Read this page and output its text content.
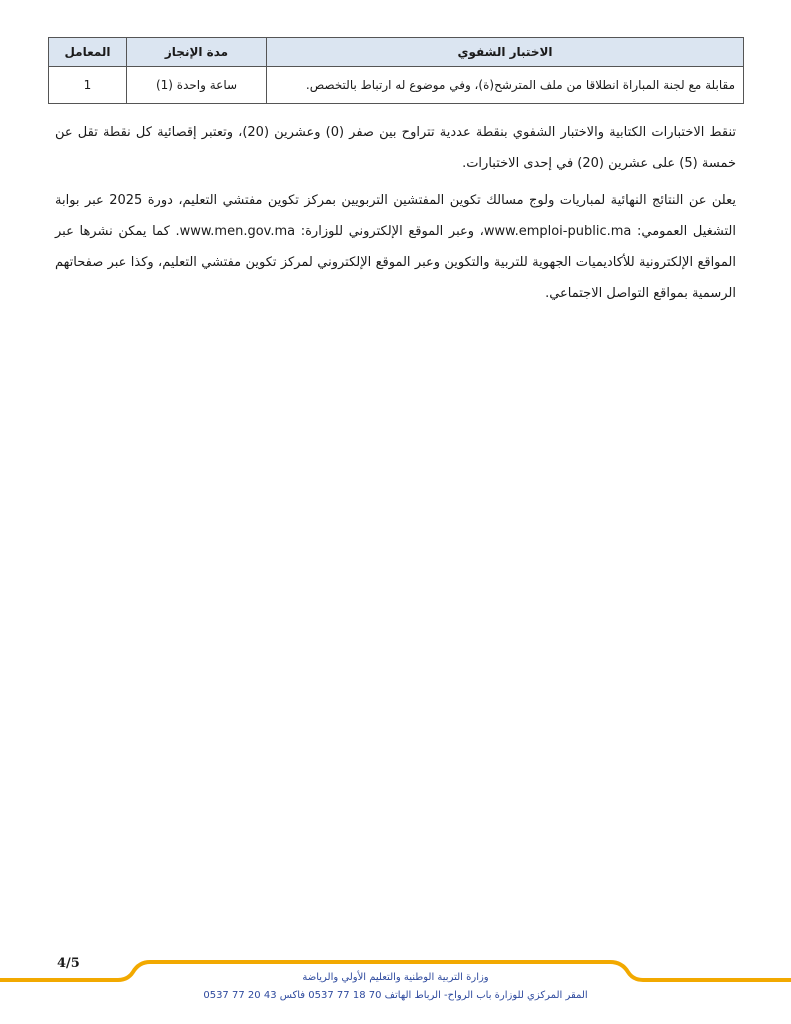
الاختبار الشفوي	مدة الإنجاز	المعامل
مقابلة مع لجنة المباراة انطلاقا من ملف المترشح(ة)، وفي موضوع له ارتباط بالتخصص.	ساعة واحدة (1)	1

تنقط الاختبارات الكتابية والاختبار الشفوي بنقطة عددية تتراوح بين صفر (0) وعشرين (20)، وتعتبر إقصائية كل نقطة تقل عن خمسة (5) على عشرين (20) في إحدى الاختبارات.

يعلن عن النتائج النهائية لمباريات ولوج مسالك تكوين المفتشين التربويين بمركز تكوين مفتشي التعليم، دورة 2025 عبر بوابة التشغيل العمومي: www.emploi-public.ma، وعبر الموقع الإلكتروني للوزارة: www.men.gov.ma. كما يمكن نشرها عبر المواقع الإلكترونية للأكاديميات الجهوية للتربية والتكوين وعبر الموقع الإلكتروني لمركز تكوين مفتشي التعليم، وكذا عبر صفحاتهم الرسمية بمواقع التواصل الاجتماعي.

4/5
وزارة التربية الوطنية والتعليم الأولي والرياضة
المقر المركزي للوزارة باب الرواح- الرباط الهاتف 70 18 77 0537 فاكس 43 20 77 0537
